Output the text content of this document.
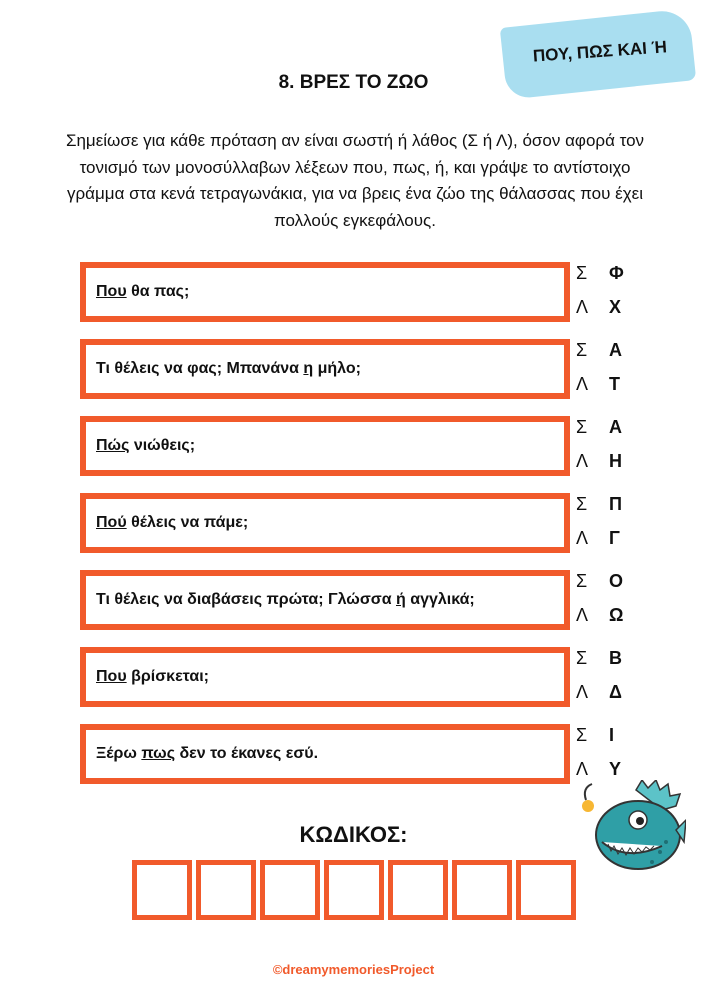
ΠΟΥ, ΠΩΣ ΚΑΙ Ή
8. ΒΡΕΣ ΤΟ ΖΩΟ
Σημείωσε για κάθε πρόταση αν είναι σωστή ή λάθος (Σ ή Λ), όσον αφορά τον τονισμό των μονοσύλλαβων λέξεων που, πως, ή, και γράψε το αντίστοιχο γράμμα στα κενά τετραγωνάκια, για να βρεις ένα ζώο της θάλασσας που έχει πολλούς εγκεφάλους.
Που θα πας;
Σ Φ
Λ Χ
Τι θέλεις να φας; Μπανάνα η μήλο;
Σ Α
Λ Τ
Πώς νιώθεις;
Σ Α
Λ Η
Πού θέλεις να πάμε;
Σ Π
Λ Γ
Τι θέλεις να διαβάσεις πρώτα; Γλώσσα ή αγγλικά;
Σ Ο
Λ Ω
Που βρίσκεται;
Σ Β
Λ Δ
Ξέρω πως δεν το έκανες εσύ.
Σ Ι
Λ Υ
ΚΩΔΙΚΟΣ:
©dreamymemoriesProject
